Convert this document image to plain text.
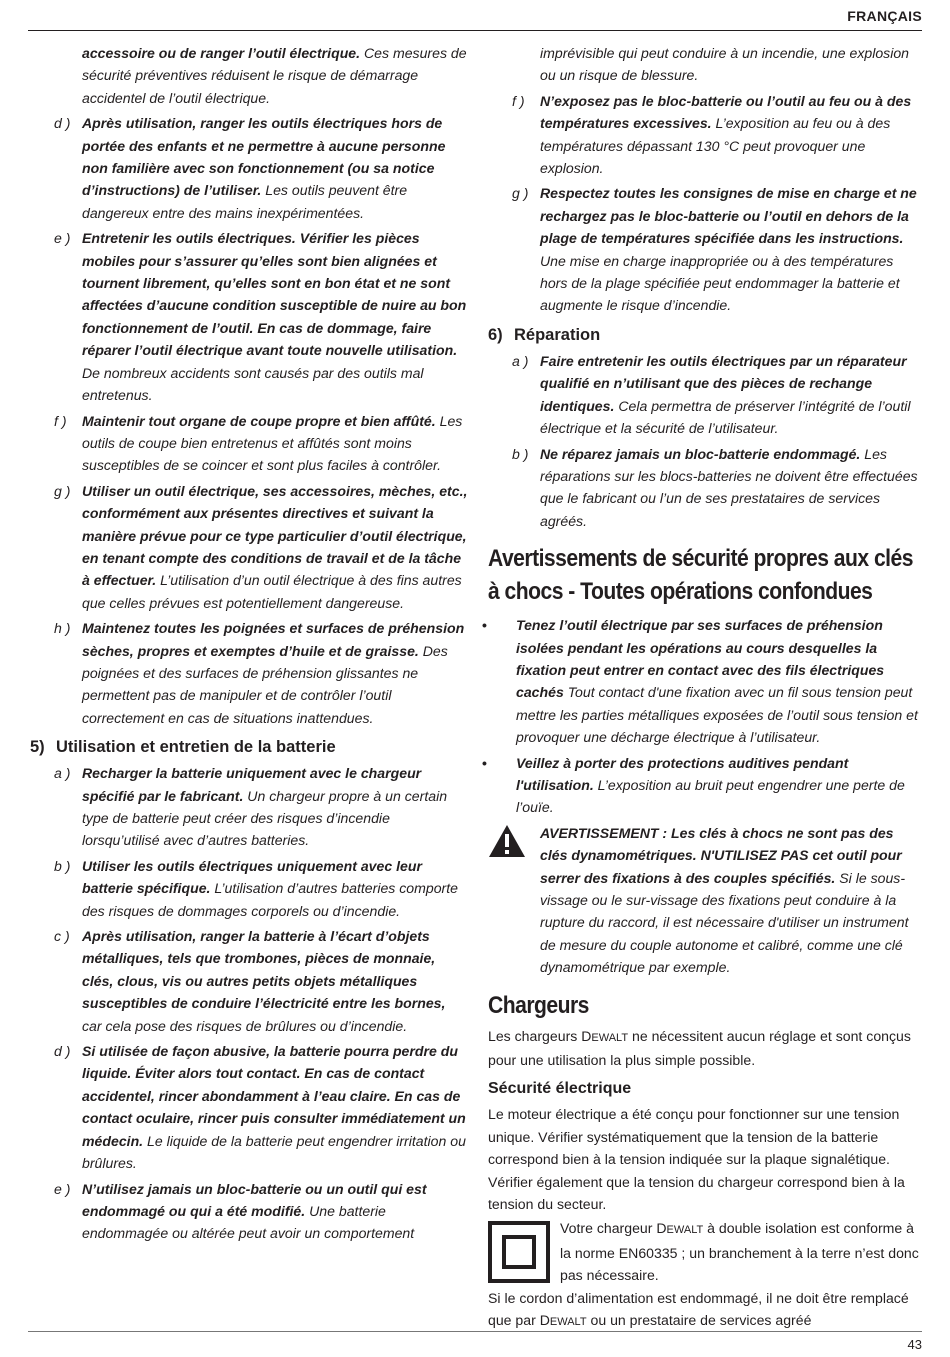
FRANÇAIS
accessoire ou de ranger l’outil électrique. Ces mesures de sécurité préventives réduisent le risque de démarrage accidentel de l’outil électrique.
d ) Après utilisation, ranger les outils électriques hors de portée des enfants et ne permettre à aucune personne non familière avec son fonctionnement (ou sa notice d’instructions) de l’utiliser. Les outils peuvent être dangereux entre des mains inexpérimentées.
e ) Entretenir les outils électriques. Vérifier les pièces mobiles pour s’assurer qu’elles sont bien alignées et tournent librement, qu’elles sont en bon état et ne sont affectées d’aucune condition susceptible de nuire au bon fonctionnement de l’outil. En cas de dommage, faire réparer l’outil électrique avant toute nouvelle utilisation. De nombreux accidents sont causés par des outils mal entretenus.
f ) Maintenir tout organe de coupe propre et bien affûté. Les outils de coupe bien entretenus et affûtés sont moins susceptibles de se coincer et sont plus faciles à contrôler.
g ) Utiliser un outil électrique, ses accessoires, mèches, etc., conformément aux présentes directives et suivant la manière prévue pour ce type particulier d’outil électrique, en tenant compte des conditions de travail et de la tâche à effectuer. L’utilisation d’un outil électrique à des fins autres que celles prévues est potentiellement dangereuse.
h ) Maintenez toutes les poignées et surfaces de préhension sèches, propres et exemptes d’huile et de graisse. Des poignées et des surfaces de préhension glissantes ne permettent pas de manipuler et de contrôler l’outil correctement en cas de situations inattendues.
5) Utilisation et entretien de la batterie
a ) Recharger la batterie uniquement avec le chargeur spécifié par le fabricant. Un chargeur propre à un certain type de batterie peut créer des risques d’incendie lorsqu’utilisé avec d’autres batteries.
b ) Utiliser les outils électriques uniquement avec leur batterie spécifique. L’utilisation d’autres batteries comporte des risques de dommages corporels ou d’incendie.
c ) Après utilisation, ranger la batterie à l’écart d’objets métalliques, tels que trombones, pièces de monnaie, clés, clous, vis ou autres petits objets métalliques susceptibles de conduire l’électricité entre les bornes, car cela pose des risques de brûlures ou d’incendie.
d ) Si utilisée de façon abusive, la batterie pourra perdre du liquide. Éviter alors tout contact. En cas de contact accidentel, rincer abondamment à l’eau claire. En cas de contact oculaire, rincer puis consulter immédiatement un médecin. Le liquide de la batterie peut engendrer irritation ou brûlures.
e ) N’utilisez jamais un bloc-batterie ou un outil qui est endommagé ou qui a été modifié. Une batterie endommagée ou altérée peut avoir un comportement
imprévisible qui peut conduire à un incendie, une explosion ou un risque de blessure.
f ) N’exposez pas le bloc-batterie ou l’outil au feu ou à des températures excessives. L’exposition au feu ou à des températures dépassant 130 °C peut provoquer une explosion.
g ) Respectez toutes les consignes de mise en charge et ne rechargez pas le bloc-batterie ou l’outil en dehors de la plage de températures spécifiée dans les instructions. Une mise en charge inappropriée ou à des températures hors de la plage spécifiée peut endommager la batterie et augmente le risque d’incendie.
6) Réparation
a ) Faire entretenir les outils électriques par un réparateur qualifié en n’utilisant que des pièces de rechange identiques. Cela permettra de préserver l’intégrité de l’outil électrique et la sécurité de l’utilisateur.
b ) Ne réparez jamais un bloc-batterie endommagé. Les réparations sur les blocs-batteries ne doivent être effectuées que le fabricant ou l’un de ses prestataires de services agréés.
Avertissements de sécurité propres aux clés à chocs - Toutes opérations confondues
• Tenez l’outil électrique par ses surfaces de préhension isolées pendant les opérations au cours desquelles la fixation peut entrer en contact avec des fils électriques cachés Tout contact d'une fixation avec un fil sous tension peut mettre les parties métalliques exposées de l’outil sous tension et provoquer une décharge électrique à l’utilisateur.
• Veillez à porter des protections auditives pendant l'utilisation. L’exposition au bruit peut engendrer une perte de l’ouïe.
AVERTISSEMENT : Les clés à chocs ne sont pas des clés dynamométriques. N'UTILISEZ PAS cet outil pour serrer des fixations à des couples spécifiés. Si le sous-vissage ou le sur-vissage des fixations peut conduire à la rupture du raccord, il est nécessaire d'utiliser un instrument de mesure du couple autonome et calibré, comme une clé dynamométrique par exemple.
Chargeurs
Les chargeurs DEWALT ne nécessitent aucun réglage et sont conçus pour une utilisation la plus simple possible.
Sécurité électrique
Le moteur électrique a été conçu pour fonctionner sur une tension unique. Vérifier systématiquement que la tension de la batterie correspond bien à la tension indiquée sur la plaque signalétique. Vérifier également que la tension du chargeur correspond bien à la tension du secteur.
Votre chargeur DEWALT à double isolation est conforme à la norme EN60335 ; un branchement à la terre n’est donc pas nécessaire.
Si le cordon d’alimentation est endommagé, il ne doit être remplacé que par DEWALT ou un prestataire de services agréé
43
